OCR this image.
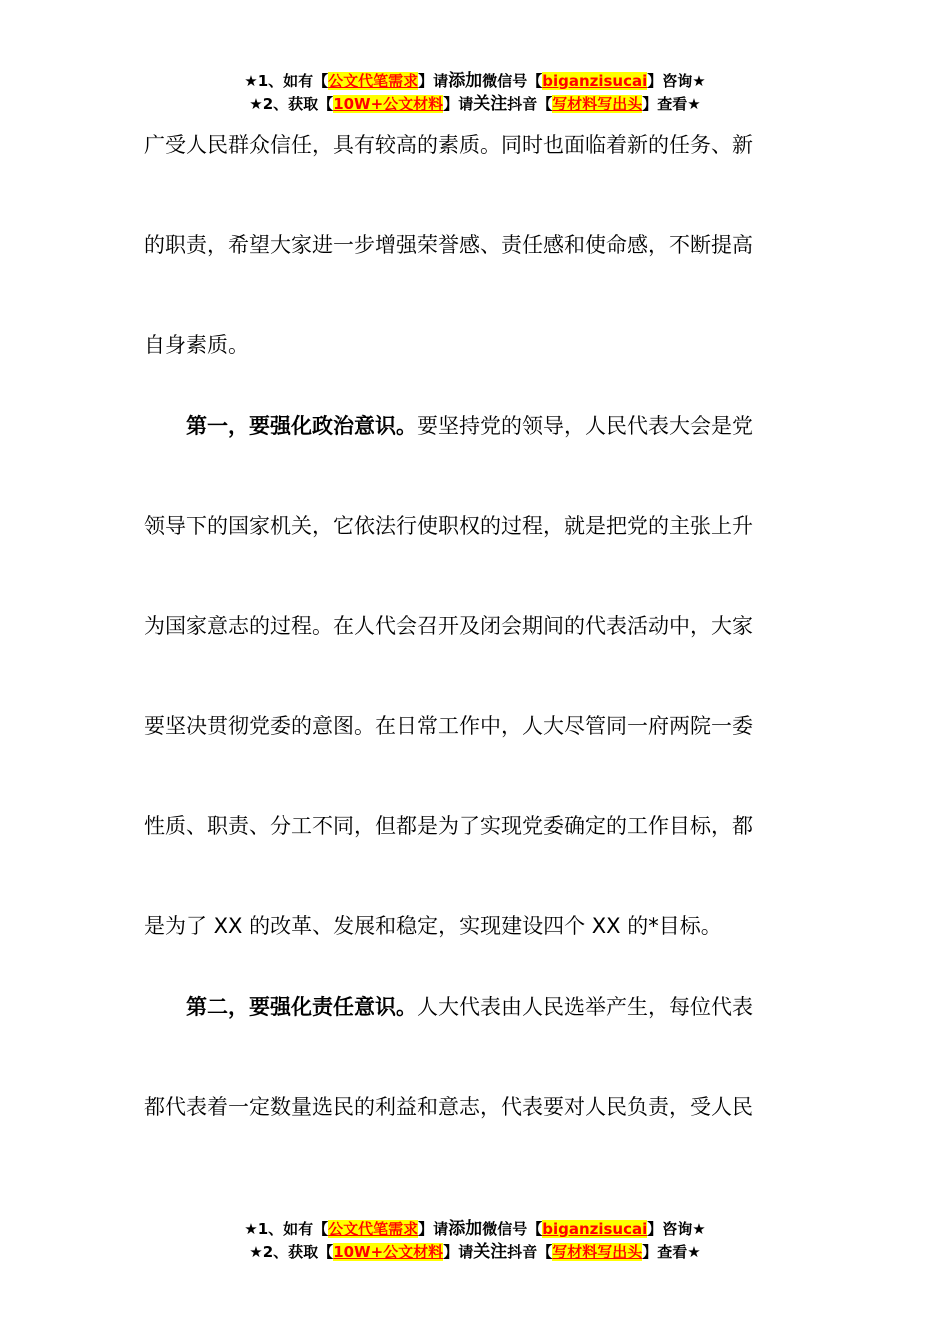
★1、如有【公文代笔需求】请添加微信号【biganzisucai】咨询★
★2、获取【10W+公文材料】请关注抖音【写材料写出头】查看★
广受人民群众信任，具有较高的素质。同时也面临着新的任务、新
的职责，希望大家进一步增强荣誉感、责任感和使命感，不断提高
自身素质。
第一，要强化政治意识。要坚持党的领导，人民代表大会是党
领导下的国家机关，它依法行使职权的过程，就是把党的主张上升
为国家意志的过程。在人代会召开及闭会期间的代表活动中，大家
要坚决贯彻党委的意图。在日常工作中，人大尽管同一府两院一委
性质、职责、分工不同，但都是为了实现党委确定的工作目标，都
是为了 XX 的改革、发展和稳定，实现建设四个 XX 的*目标。
第二，要强化责任意识。人大代表由人民选举产生，每位代表
都代表着一定数量选民的利益和意志，代表要对人民负责，受人民
★1、如有【公文代笔需求】请添加微信号【biganzisucai】咨询★
★2、获取【10W+公文材料】请关注抖音【写材料写出头】查看★
